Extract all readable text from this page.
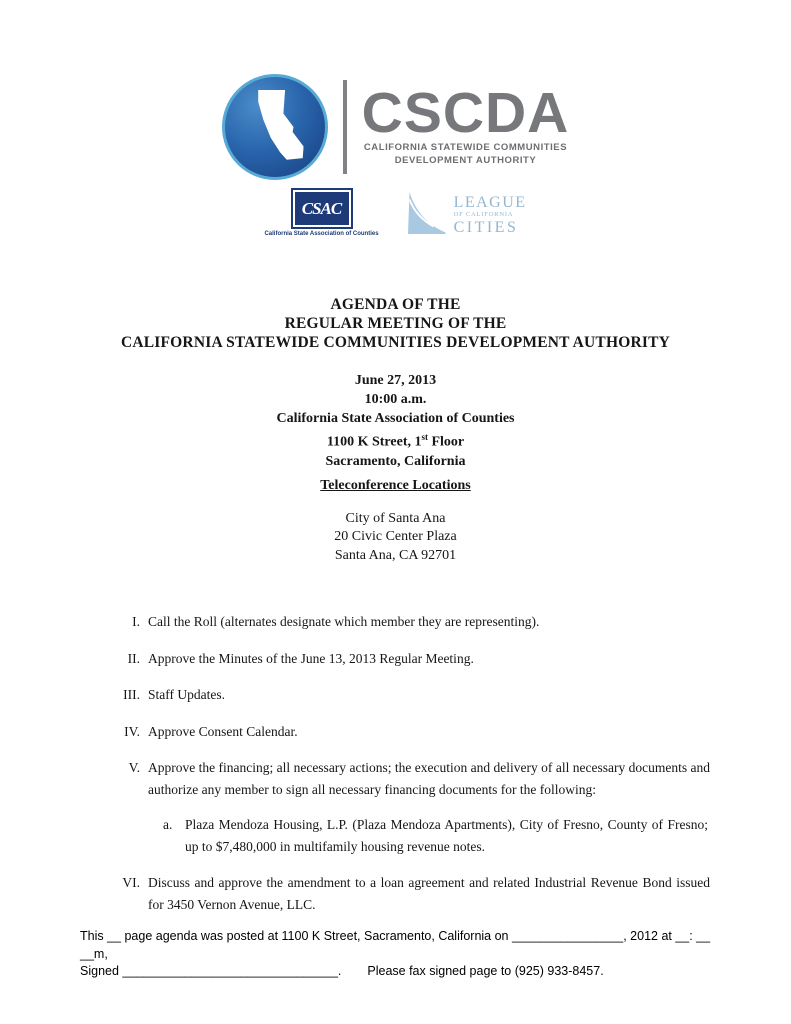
CSCDA
CALIFORNIA STATEWIDE COMMUNITIES
DEVELOPMENT AUTHORITY
CSAC
California State Association of Counties
LEAGUE
OF CALIFORNIA
CITIES
AGENDA OF THE
REGULAR MEETING OF THE
CALIFORNIA STATEWIDE COMMUNITIES DEVELOPMENT AUTHORITY
June 27, 2013
10:00 a.m.
California State Association of Counties
1100 K Street, 1st Floor
Sacramento, California
Teleconference Locations
City of Santa Ana
20 Civic Center Plaza
Santa Ana, CA 92701
I. Call the Roll (alternates designate which member they are representing).
II. Approve the Minutes of the June 13, 2013 Regular Meeting.
III. Staff Updates.
IV. Approve Consent Calendar.
V. Approve the financing; all necessary actions; the execution and delivery of all necessary documents and authorize any member to sign all necessary financing documents for the following:
a. Plaza Mendoza Housing, L.P. (Plaza Mendoza Apartments), City of Fresno, County of Fresno; up to $7,480,000 in multifamily housing revenue notes.
VI. Discuss and approve the amendment to a loan agreement and related Industrial Revenue Bond issued for 3450 Vernon Avenue, LLC.
This __ page agenda was posted at 1100 K Street, Sacramento, California on ________________, 2012 at __: __ __m,
Signed _______________________________. Please fax signed page to (925) 933-8457.
